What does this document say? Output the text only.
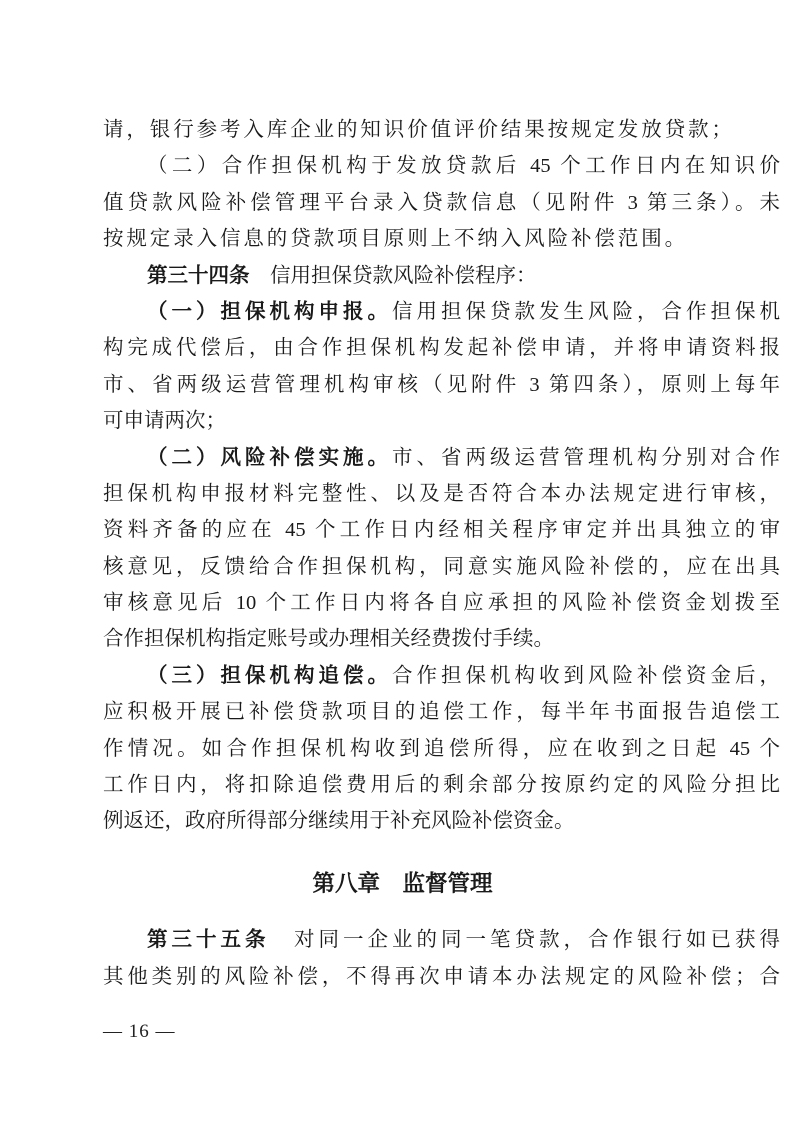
请，银行参考入库企业的知识价值评价结果按规定发放贷款；
（二）合作担保机构于发放贷款后 45 个工作日内在知识价
值贷款风险补偿管理平台录入贷款信息（见附件 3 第三条）。未
按规定录入信息的贷款项目原则上不纳入风险补偿范围。
第三十四条　信用担保贷款风险补偿程序：
（一）担保机构申报。信用担保贷款发生风险，合作担保机
构完成代偿后，由合作担保机构发起补偿申请，并将申请资料报
市、省两级运营管理机构审核（见附件 3 第四条），原则上每年
可申请两次；
（二）风险补偿实施。市、省两级运营管理机构分别对合作
担保机构申报材料完整性、以及是否符合本办法规定进行审核，
资料齐备的应在 45 个工作日内经相关程序审定并出具独立的审
核意见，反馈给合作担保机构，同意实施风险补偿的，应在出具
审核意见后 10 个工作日内将各自应承担的风险补偿资金划拨至
合作担保机构指定账号或办理相关经费拨付手续。
（三）担保机构追偿。合作担保机构收到风险补偿资金后，
应积极开展已补偿贷款项目的追偿工作，每半年书面报告追偿工
作情况。如合作担保机构收到追偿所得，应在收到之日起 45 个
工作日内，将扣除追偿费用后的剩余部分按原约定的风险分担比
例返还，政府所得部分继续用于补充风险补偿资金。
第八章　监督管理
第三十五条　对同一企业的同一笔贷款，合作银行如已获得
其他类别的风险补偿，不得再次申请本办法规定的风险补偿；合
— 16 —
